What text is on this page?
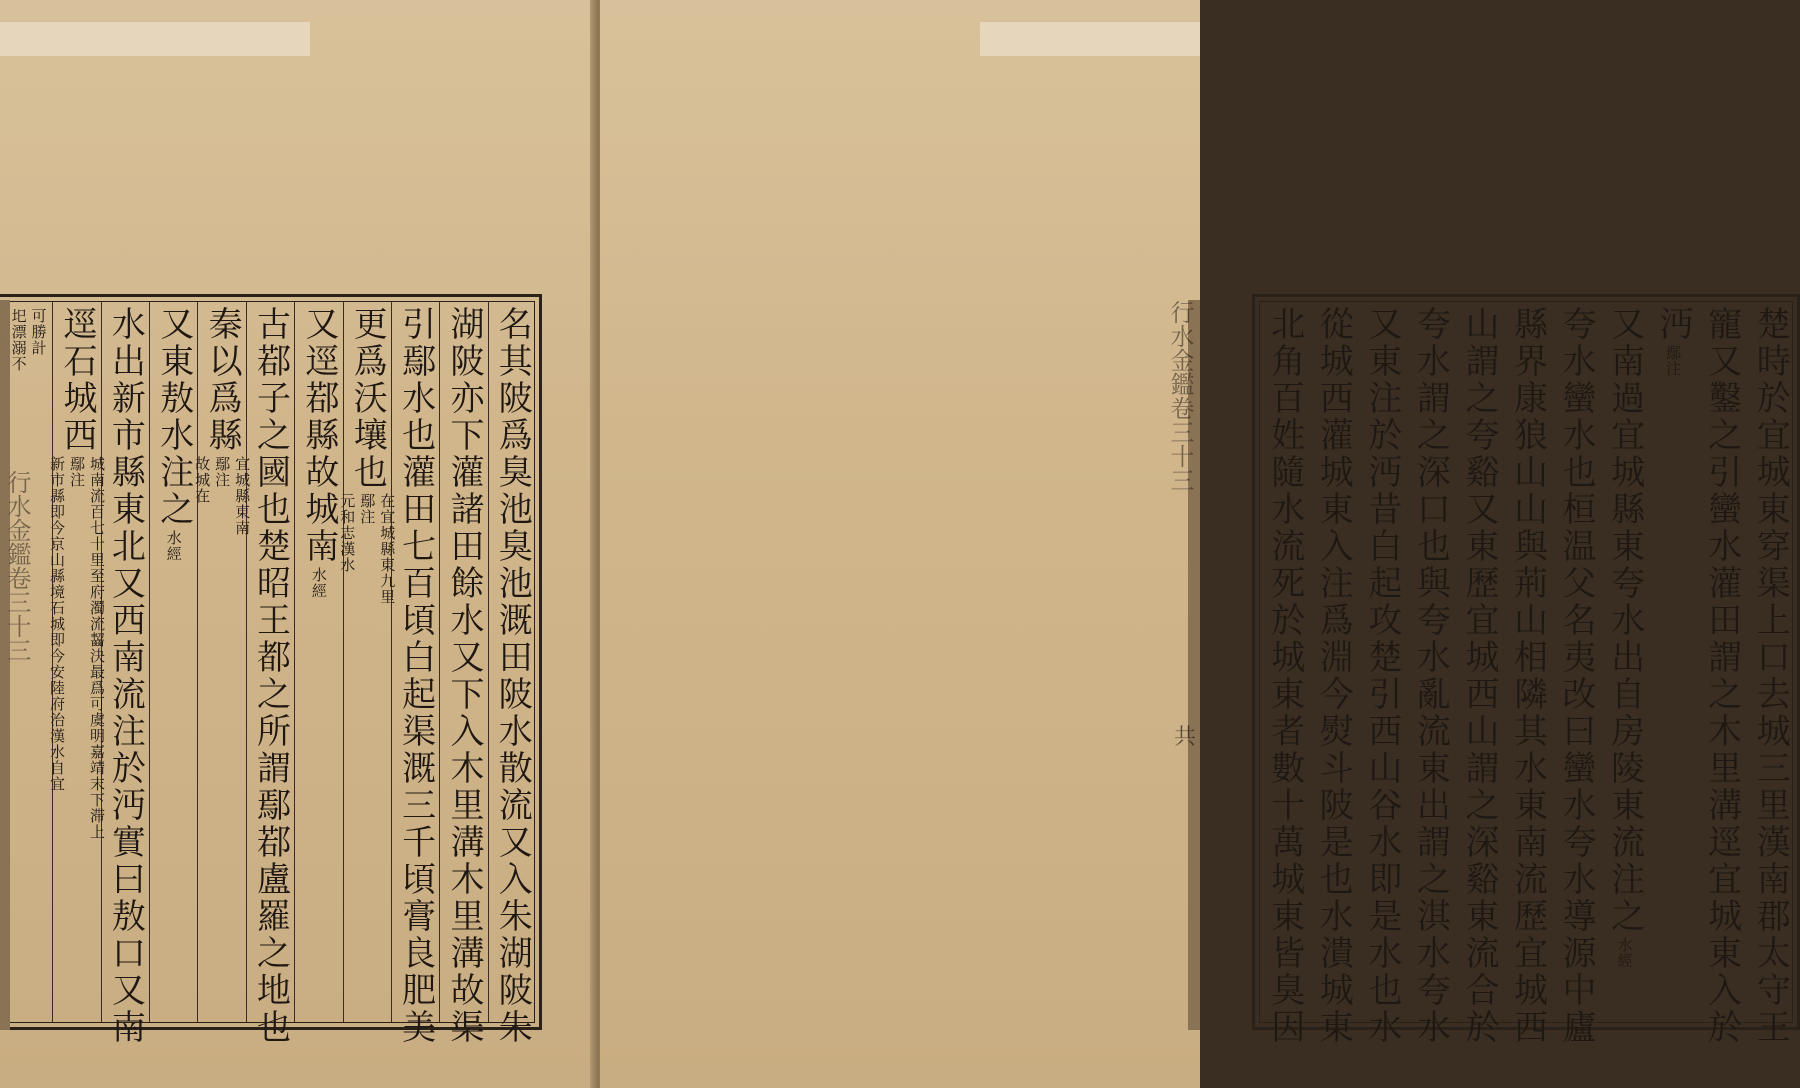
名其陂爲臭池臭池溉田陂水散流又入朱湖陂朱
湖陂亦下灌諸田餘水又下入木里溝木里溝故渠
引鄢水也灌田七百頃白起渠溉三千頃膏良肥美
更爲沃壤也
在宜城縣東九里
鄢注
元和志漢水
又逕鄀縣故城南
水經
古鄀子之國也楚昭王都之所謂鄢鄀盧羅之地也
秦以爲縣
宜城縣東南
鄢注
故城在
又東敖水注之
水經
水出新市縣東北又西南流注於沔實曰敖口又南
逕石城西
城南流百七十里至府濁流齧決最爲可虞明嘉靖末下滞上
鄢注
新市縣即今京山縣境石城即今安陸府治漢水自宜
可勝計
圯漂溺不
行水金鑑卷三十三	楚時於宜城東穿渠上口去城三里漢南郡太守王
寵又鑿之引蠻水灌田謂之木里溝逕宜城東入於
沔
鄢注
又南過宜城縣東夸水出自房陵東流注之
水經
夸水蠻水也桓温父名夷改曰蠻水夸水導源中廬
縣界康狼山山與荊山相隣其水東南流歷宜城西
山謂之夸谿又東歷宜城西山謂之深谿東流合於
夸水謂之深口也與夸水亂流東出謂之淇水夸水
又東注於沔昔白起攻楚引西山谷水即是水也水
從城西灌城東入注爲淵今熨斗陂是也水潰城東
北角百姓隨水流死於城東者數十萬城東皆臭因
行水金鑑卷三十三
共
